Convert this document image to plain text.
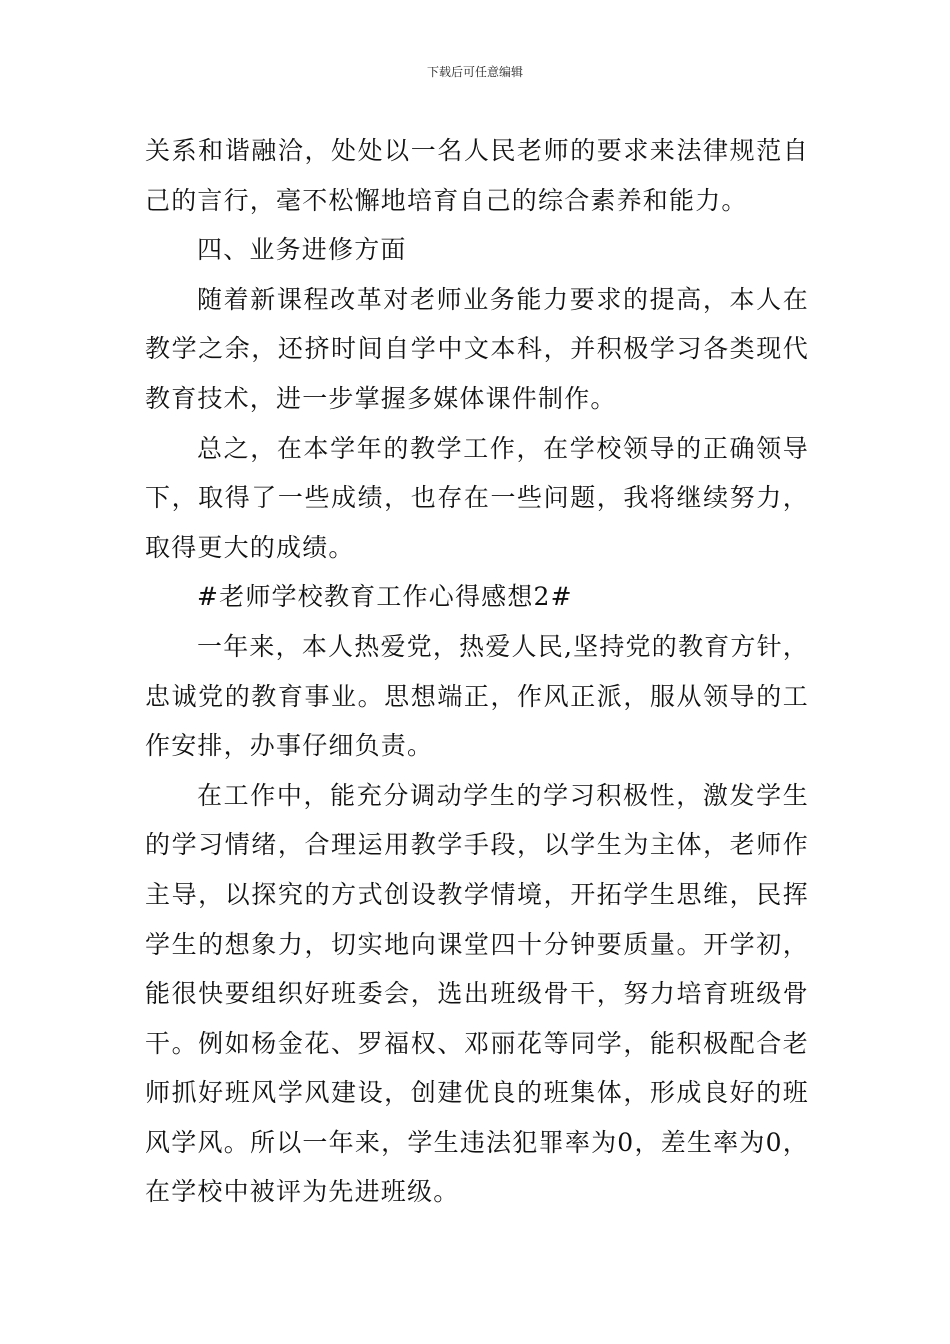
下载后可任意编辑

关系和谐融洽，处处以一名人民老师的要求来法律规范自己的言行，毫不松懈地培育自己的综合素养和能力。

四、业务进修方面

随着新课程改革对老师业务能力要求的提高，本人在教学之余，还挤时间自学中文本科，并积极学习各类现代教育技术，进一步掌握多媒体课件制作。

总之，在本学年的教学工作，在学校领导的正确领导下，取得了一些成绩，也存在一些问题，我将继续努力，取得更大的成绩。

#老师学校教育工作心得感想2#

一年来，本人热爱党，热爱人民,坚持党的教育方针，忠诚党的教育事业。思想端正，作风正派，服从领导的工作安排，办事仔细负责。

在工作中，能充分调动学生的学习积极性，激发学生的学习情绪，合理运用教学手段，以学生为主体，老师作主导，以探究的方式创设教学情境，开拓学生思维，民挥学生的想象力，切实地向课堂四十分钟要质量。开学初，能很快要组织好班委会，选出班级骨干，努力培育班级骨干。例如杨金花、罗福权、邓丽花等同学，能积极配合老师抓好班风学风建设，创建优良的班集体，形成良好的班风学风。所以一年来，学生违法犯罪率为0，差生率为0，在学校中被评为先进班级。
